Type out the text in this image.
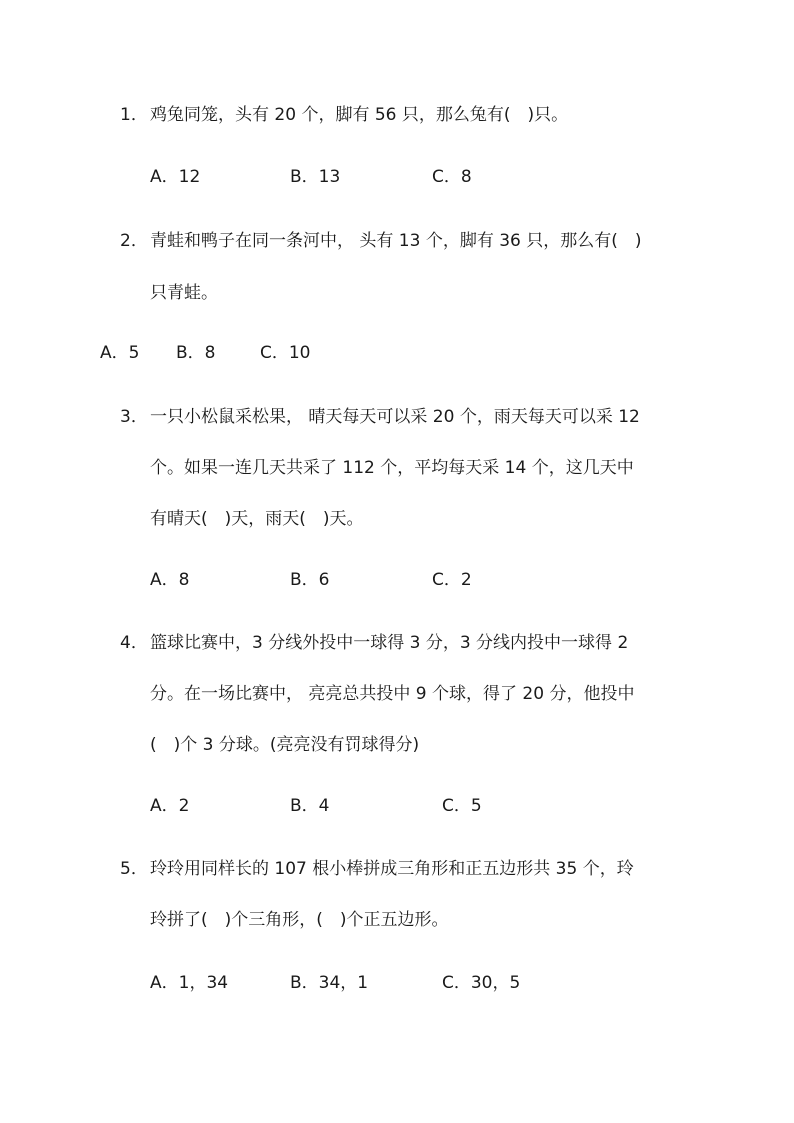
1． 鸡兔同笼，头有 20 个，脚有 56 只，那么兔有(　)只。
A．12	B．13	C．8
2． 青蛙和鸭子在同一条河中， 头有 13 个，脚有 36 只，那么有(　)
只青蛙。
A．5 B．8	C．10
3． 一只小松鼠采松果， 晴天每天可以采 20 个，雨天每天可以采 12
个。如果一连几天共采了 112 个，平均每天采 14 个，这几天中
有晴天(　)天，雨天(　)天。
A．8	B．6	C．2
4． 篮球比赛中，3 分线外投中一球得 3 分，3 分线内投中一球得 2
分。在一场比赛中， 亮亮总共投中 9 个球，得了 20 分，他投中
(　)个 3 分球。(亮亮没有罚球得分)
A．2	B．4	C．5
5． 玲玲用同样长的 107 根小棒拼成三角形和正五边形共 35 个，玲
玲拼了(　)个三角形，(　)个正五边形。
A．1，34	B．34，1	C．30，5
